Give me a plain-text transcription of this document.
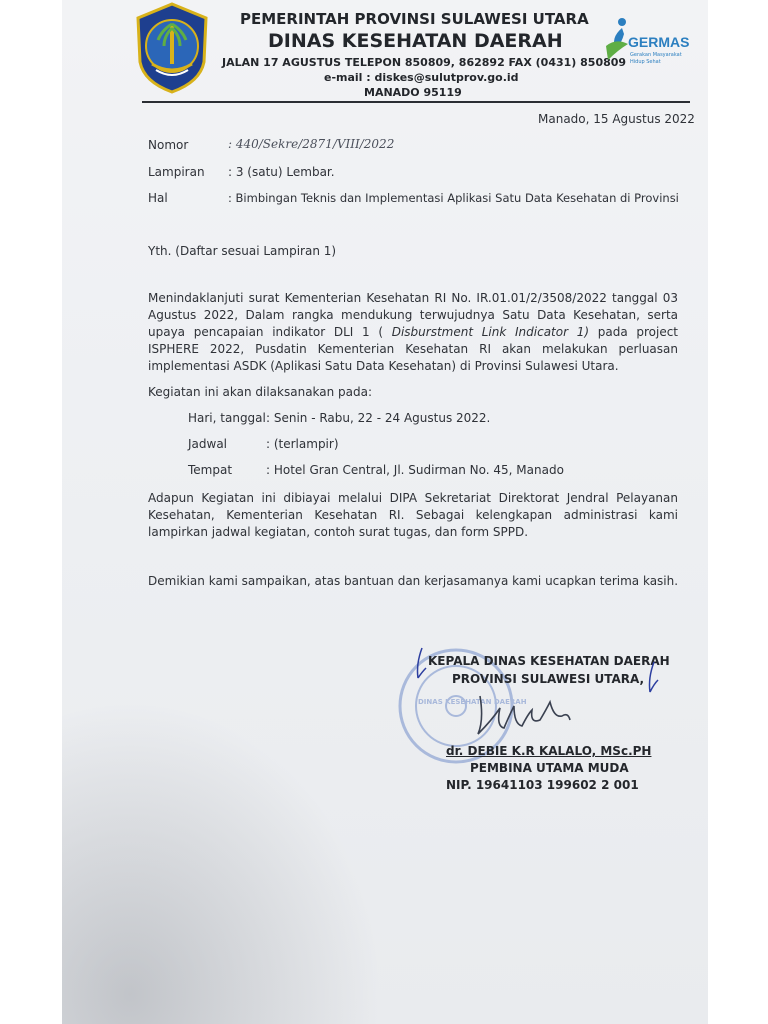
PEMERINTAH PROVINSI SULAWESI UTARA
DINAS KESEHATAN DAERAH
JALAN 17 AGUSTUS TELEPON 850809, 862892 FAX (0431) 850809
e-mail : diskes@sulutprov.go.id
MANADO 95119
GERMAS
Gerakan Masyarakat
Hidup Sehat
Manado, 15 Agustus 2022
Nomor	: 440/Sekre/2871/VIII/2022
Lampiran : 3 (satu) Lembar.
Hal	: Bimbingan Teknis dan Implementasi Aplikasi Satu Data Kesehatan di Provinsi
Yth. (Daftar sesuai Lampiran 1)
Menindaklanjuti surat Kementerian Kesehatan RI No. IR.01.01/2/3508/2022 tanggal 03 Agustus 2022, Dalam rangka mendukung terwujudnya Satu Data Kesehatan, serta upaya pencapaian indikator DLI 1 ( Disburstment Link Indicator 1) pada project ISPHERE 2022, Pusdatin Kementerian Kesehatan RI akan melakukan perluasan implementasi ASDK (Aplikasi Satu Data Kesehatan) di Provinsi Sulawesi Utara.
Kegiatan ini akan dilaksanakan pada:
Hari, tanggal : Senin - Rabu, 22 - 24 Agustus 2022.
Jadwal	: (terlampir)
Tempat	: Hotel Gran Central, Jl. Sudirman No. 45, Manado
Adapun Kegiatan ini dibiayai melalui DIPA Sekretariat Direktorat Jendral Pelayanan Kesehatan, Kementerian Kesehatan RI. Sebagai kelengkapan administrasi kami lampirkan jadwal kegiatan, contoh surat tugas, dan form SPPD.
Demikian kami sampaikan, atas bantuan dan kerjasamanya kami ucapkan terima kasih.
DINAS KESEHATAN DAERAH
KEPALA DINAS KESEHATAN DAERAH
PROVINSI SULAWESI UTARA,
dr. DEBIE K.R KALALO, MSc.PH
PEMBINA UTAMA MUDA
NIP. 19641103 199602 2 001
